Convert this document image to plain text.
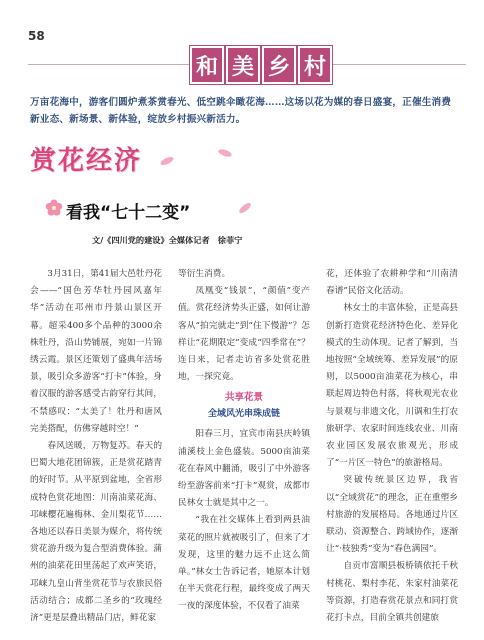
58
和 美 乡 村
万亩花海中，游客们圆炉煮茶赏春光、低空跳伞瞰花海……这场以花为媒的春日盛宴，正催生消费新业态、新场景、新体验，绽放乡村振兴新活力。
赏花经济
看我“七十二变”
文/《四川党的建设》全媒体记者　徐菲宁

3月31日，第41届大邑牡丹花会——“国色芳华牡丹园风嘉年华”活动在邛州市丹景山景区开幕。超采400多个品种的3000余株牡丹，沿山势铺展，宛如一片锦绣云霞。景区还策划了盛典年活场景，吸引众多游客“打卡”体验，身着汉服的游客感受古韵穿行其间，不禁感叹：“太美了！牡丹和唐风完美搭配，仿佛穿越时空！”

春风送暖，万物复苏。春天的巴蜀大地花团锦簇，正是赏花踏青的好时节。从平原到盆地，全省形成特色赏花地图：川南油菜花海、邛崃樱花遍梅林、金川梨花节……各地还以春日美景为媒介，将传统赏花游升级为复合型消费体验。蒲州的油菜花田里荡起了欢声笑语，邛崃九皇山背坐赏花节与农旅民俗活动结合；成都二圣乡的“玫瑰经济”更是层叠出精品门店，鲜花家

等衍生消费。

凤凰变“钱景”，“颜值”变产值。赏花经济势头正盛，如何让游客从“拍完就走”到“住下慢游”？怎样让“花期限定”变成“四季常在”？连日来，记者走访省多处赏花胜地，一探究竟。

共享花景
全域风光串珠成链

阳春三月，宜宾市南县庆岭镇浦溪枝上金色盛装。5000亩油菜花在春风中翻涌，吸引了中外游客纷至游客前来“打卡”观赏，成都市民林女士就是其中之一。

“我在社交媒体上看到两县油菜花的照片就被吸引了，但来了才发现，这里的魅力远不止这么简单。”林女士告诉记者，她原本计划在半天赏花行程，最终变成了两天一夜的深度体验，不仅看了油菜

花，还体验了农耕种学和“川南清春谱”民俗文化活动。

林女士的丰富体验，正是高县创新打造赏花经济特色化、差异化模式的生动体现。记者了解到，当地按照“全域统筹、差异发展”的原则，以5000亩油菜花为核心，串联起周边特色村落，将秋观光农业与景观与非遗文化，川调和生打农旅研学、农家时间连线农业、川南农业园区发展农旅观光，形成了“一片区一特色”的旅游格局。

突破传统景区边界，我省以“全域赏花”的理念，正在重塑乡村旅游的发展格局。各地通过片区联动、资源整合、跨域协作，逐渐让“·枝独秀”变为“春色满园”。

自贡市富顺县板桥镇依托千秋村桃花、梨村李花、朱家村油菜花等资源，打造春赏花景点和同打赏花打卡点，目前全镇共创建旅
